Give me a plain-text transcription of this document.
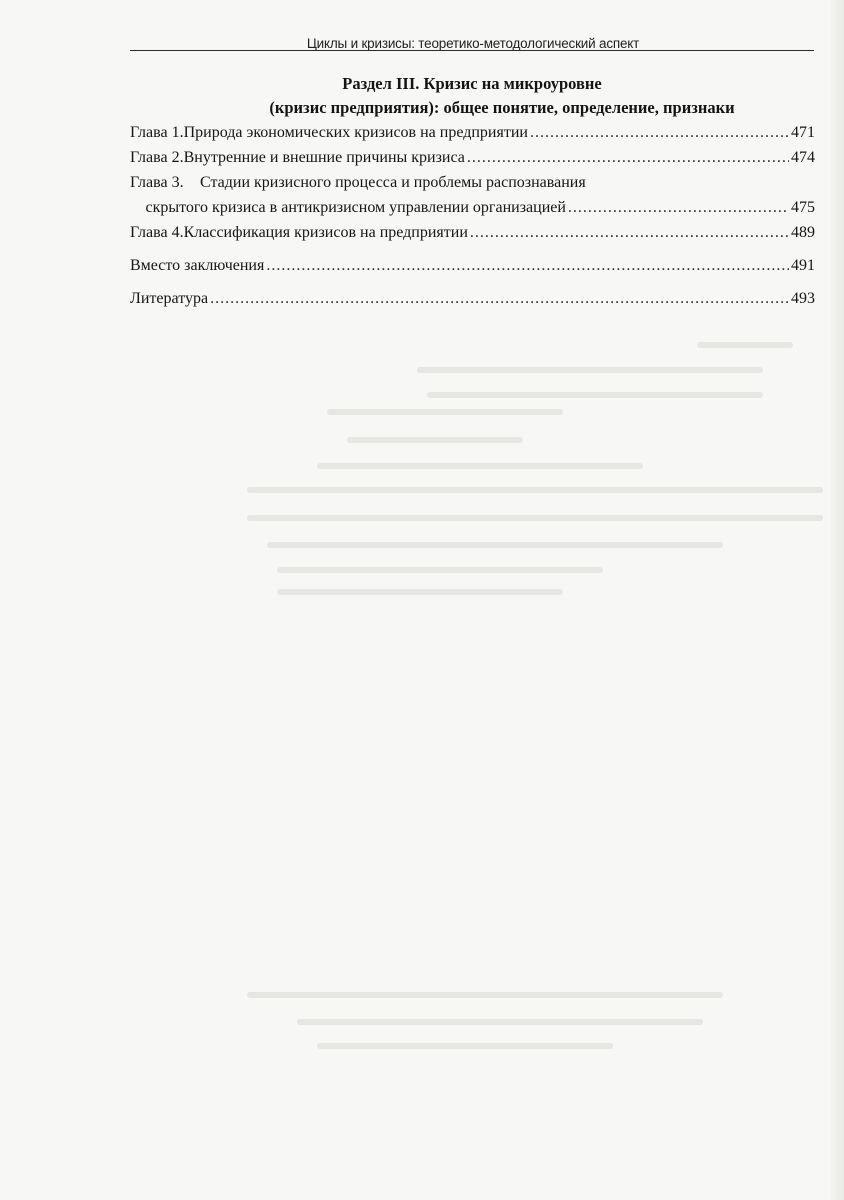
Циклы и кризисы: теоретико-методологический аспект
Раздел III. Кризис на микроуровне
(кризис предприятия): общее понятие, определение, признаки
Глава 1. Природа экономических кризисов на предприятии .....	471
Глава 2. Внутренние и внешние причины кризиса .....	474
Глава 3.	Стадии кризисного процесса и проблемы распознавания
скрытого кризиса в антикризисном управлении организацией .....	475
Глава 4. Классификация кризисов на предприятии .....	489
Вместо заключения .....	491
Литература .....	493
